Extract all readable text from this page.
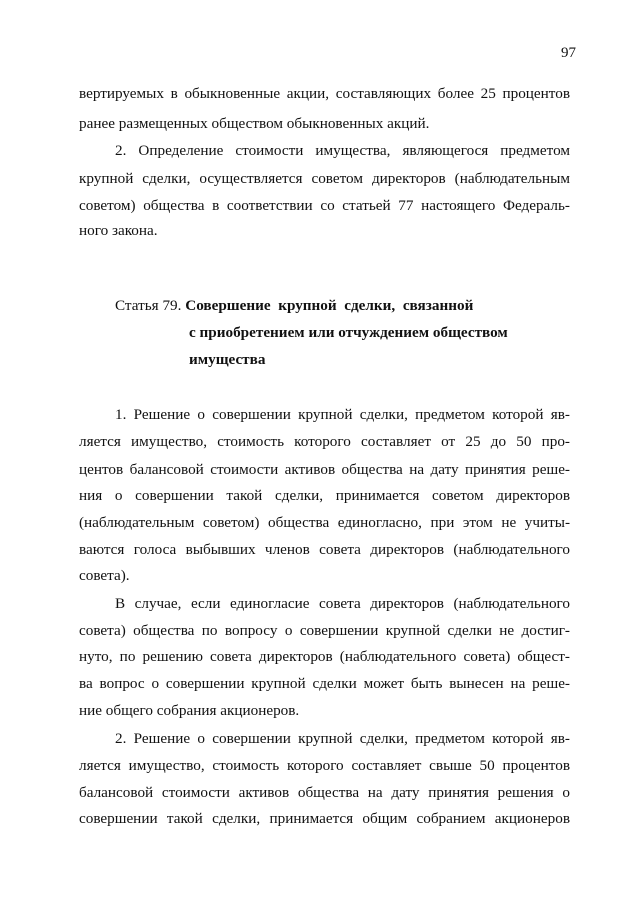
97
вертируемых в обыкновенные акции, составляющих более 25 процентов
ранее размещенных обществом обыкновенных акций.
2. Определение стоимости имущества, являющегося предметом
крупной сделки, осуществляется советом директоров (наблюдательным
советом) общества в соответствии со статьей 77 настоящего Федераль-
ного закона.
Статья 79. Совершение  крупной  сделки,  связанной
с приобретением или отчуждением обществом
имущества
1. Решение о совершении крупной сделки, предметом которой яв-
ляется имущество, стоимость которого составляет от 25 до 50 про-
центов балансовой стоимости активов общества на дату принятия реше-
ния о совершении такой сделки, принимается советом директоров
(наблюдательным советом) общества единогласно, при этом не учиты-
ваются голоса выбывших членов совета директоров (наблюдательного
совета).
В случае, если единогласие совета директоров (наблюдательного
совета) общества по вопросу о совершении крупной сделки не достиг-
нуто, по решению совета директоров (наблюдательного совета) общест-
ва вопрос о совершении крупной сделки может быть вынесен на реше-
ние общего собрания акционеров.
2. Решение о совершении крупной сделки, предметом которой яв-
ляется имущество, стоимость которого составляет свыше 50 процентов
балансовой стоимости активов общества на дату принятия решения о
совершении такой сделки, принимается общим собранием акционеров
